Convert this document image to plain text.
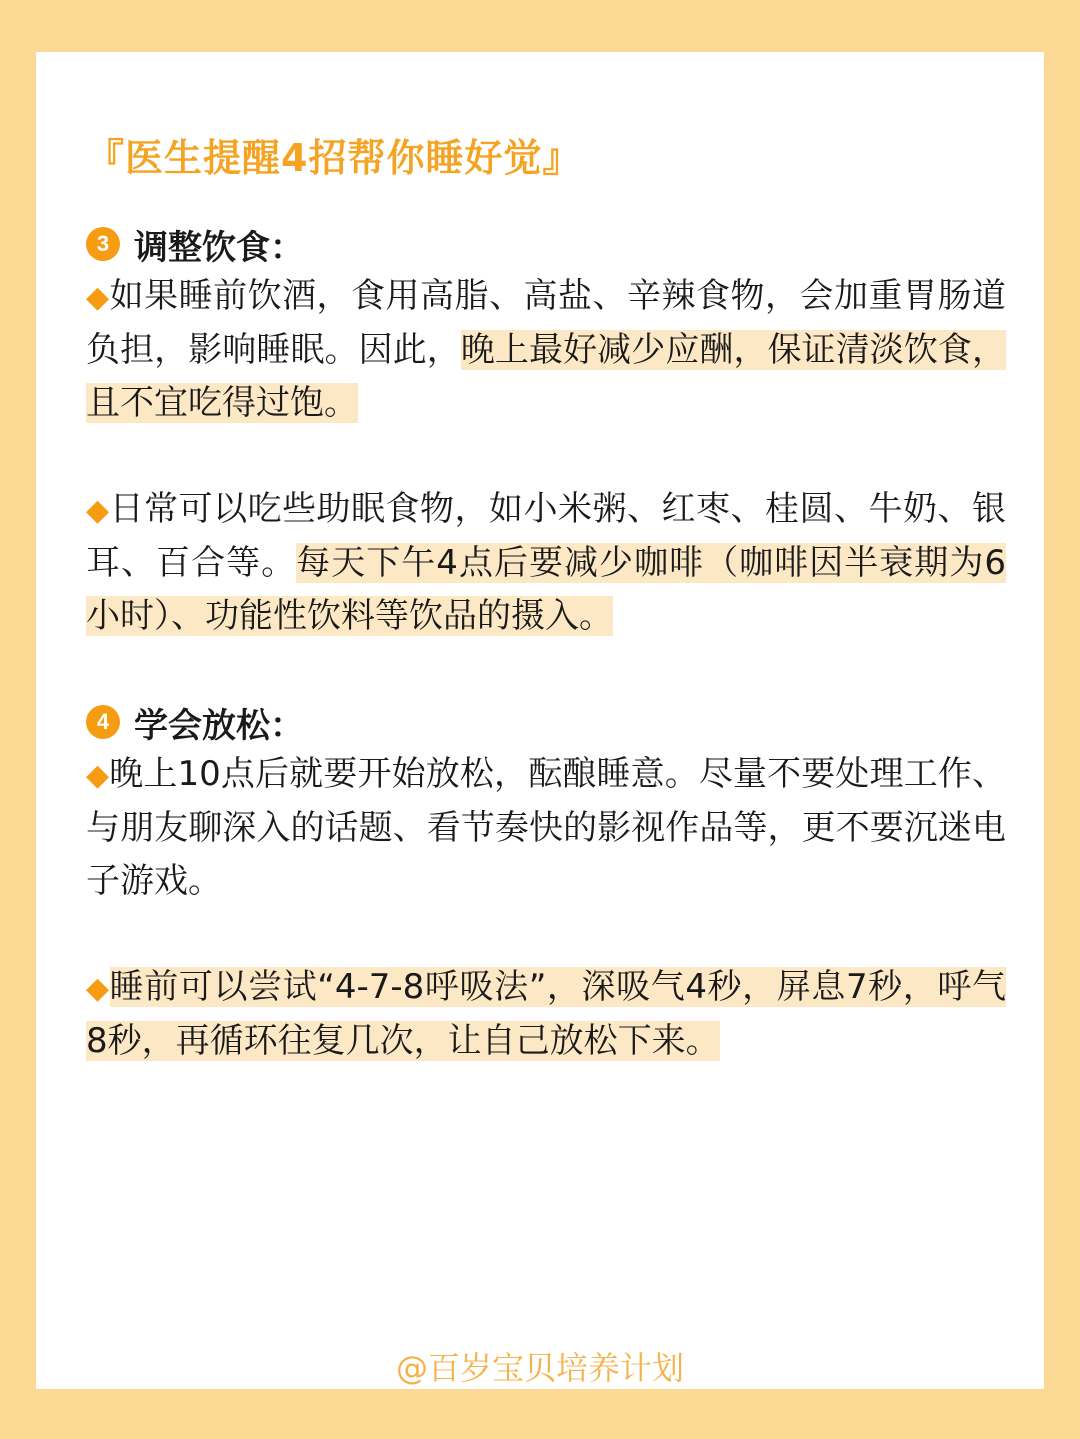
『医生提醒4招帮你睡好觉』
3 调整饮食：

◆如果睡前饮酒，食用高脂、高盐、辛辣食物，会加重胃肠道负担，影响睡眠。因此，晚上最好减少应酬，保证清淡饮食，且不宜吃得过饱。

◆日常可以吃些助眠食物，如小米粥、红枣、桂圆、牛奶、银耳、百合等。每天下午4点后要减少咖啡（咖啡因半衰期为6小时）、功能性饮料等饮品的摄入。

4 学会放松：

◆晚上10点后就要开始放松，酝酿睡意。尽量不要处理工作、与朋友聊深入的话题、看节奏快的影视作品等，更不要沉迷电子游戏。

◆睡前可以尝试“4-7-8呼吸法”，深吸气4秒，屏息7秒，呼气8秒，再循环往复几次，让自己放松下来。

@百岁宝贝培养计划
